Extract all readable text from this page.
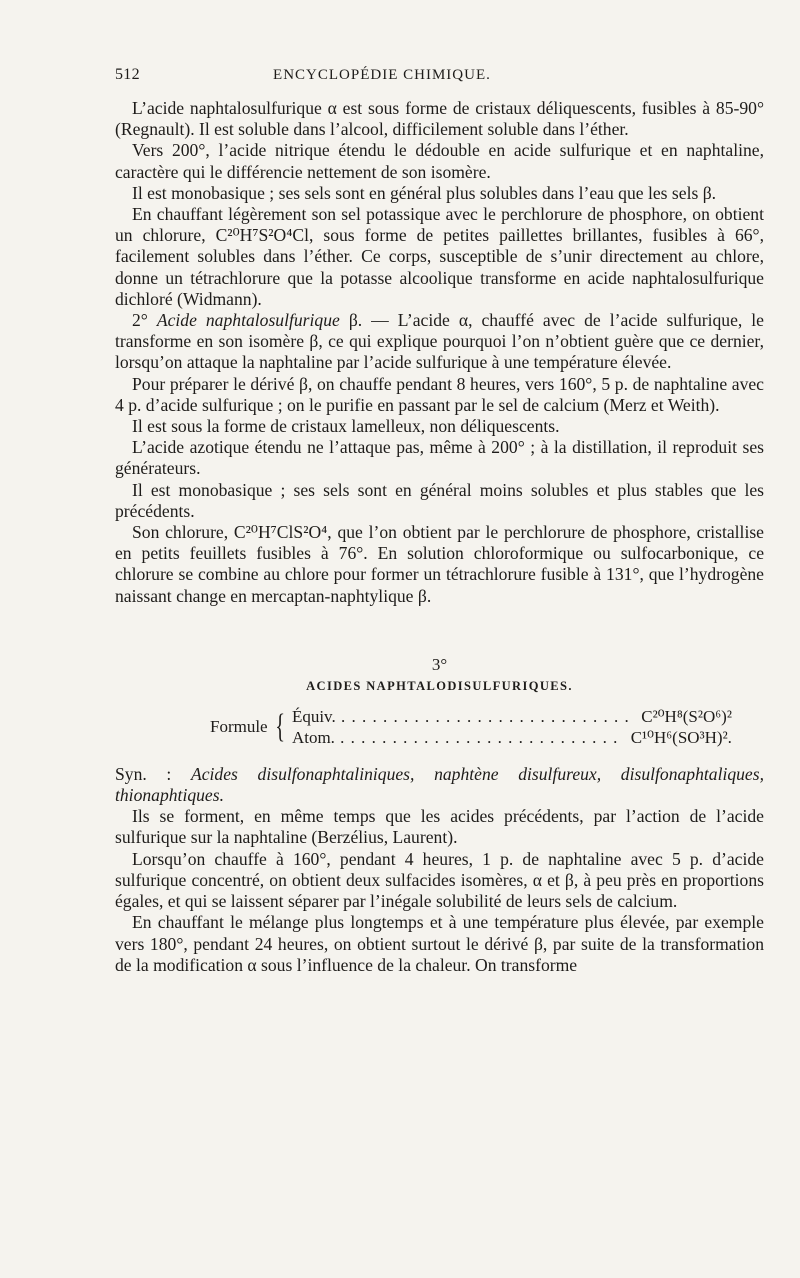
512	ENCYCLOPÉDIE CHIMIQUE.

L’acide naphtalosulfurique α est sous forme de cristaux déliquescents, fusibles à 85-90° (Regnault). Il est soluble dans l’alcool, difficilement soluble dans l’éther.

Vers 200°, l’acide nitrique étendu le dédouble en acide sulfurique et en naphtaline, caractère qui le différencie nettement de son isomère.

Il est monobasique ; ses sels sont en général plus solubles dans l’eau que les sels β.

En chauffant légèrement son sel potassique avec le perchlorure de phosphore, on obtient un chlorure, C²⁰H⁷S²O⁴Cl, sous forme de petites paillettes brillantes, fusibles à 66°, facilement solubles dans l’éther. Ce corps, susceptible de s’unir directement au chlore, donne un tétrachlorure que la potasse alcoolique transforme en acide naphtalosulfurique dichloré (Widmann).

2° Acide naphtalosulfurique β. — L’acide α, chauffé avec de l’acide sulfurique, le transforme en son isomère β, ce qui explique pourquoi l’on n’obtient guère que ce dernier, lorsqu’on attaque la naphtaline par l’acide sulfurique à une température élevée.

Pour préparer le dérivé β, on chauffe pendant 8 heures, vers 160°, 5 p. de naphtaline avec 4 p. d’acide sulfurique ; on le purifie en passant par le sel de calcium (Merz et Weith).

Il est sous la forme de cristaux lamelleux, non déliquescents.

L’acide azotique étendu ne l’attaque pas, même à 200° ; à la distillation, il reproduit ses générateurs.

Il est monobasique ; ses sels sont en général moins solubles et plus stables que les précédents.

Son chlorure, C²⁰H⁷ClS²O⁴, que l’on obtient par le perchlorure de phosphore, cristallise en petits feuillets fusibles à 76°. En solution chloroformique ou sulfocarbonique, ce chlorure se combine au chlore pour former un tétrachlorure fusible à 131°, que l’hydrogène naissant change en mercaptan-naphtylique β.

3°
ACIDES NAPHTALODISULFURIQUES.
Formule { Équiv. . . .	C²⁰H⁸(S²O⁶)²
Atom. . . .	C¹⁰H⁶(SO³H)².

Syn. : Acides disulfonaphtaliniques, naphtène disulfureux, disulfonaphtaliques, thionaphtiques.

Ils se forment, en même temps que les acides précédents, par l’action de l’acide sulfurique sur la naphtaline (Berzélius, Laurent).

Lorsqu’on chauffe à 160°, pendant 4 heures, 1 p. de naphtaline avec 5 p. d’acide sulfurique concentré, on obtient deux sulfacides isomères, α et β, à peu près en proportions égales, et qui se laissent séparer par l’inégale solubilité de leurs sels de calcium.

En chauffant le mélange plus longtemps et à une température plus élevée, par exemple vers 180°, pendant 24 heures, on obtient surtout le dérivé β, par suite de la transformation de la modification α sous l’influence de la chaleur. On transforme
